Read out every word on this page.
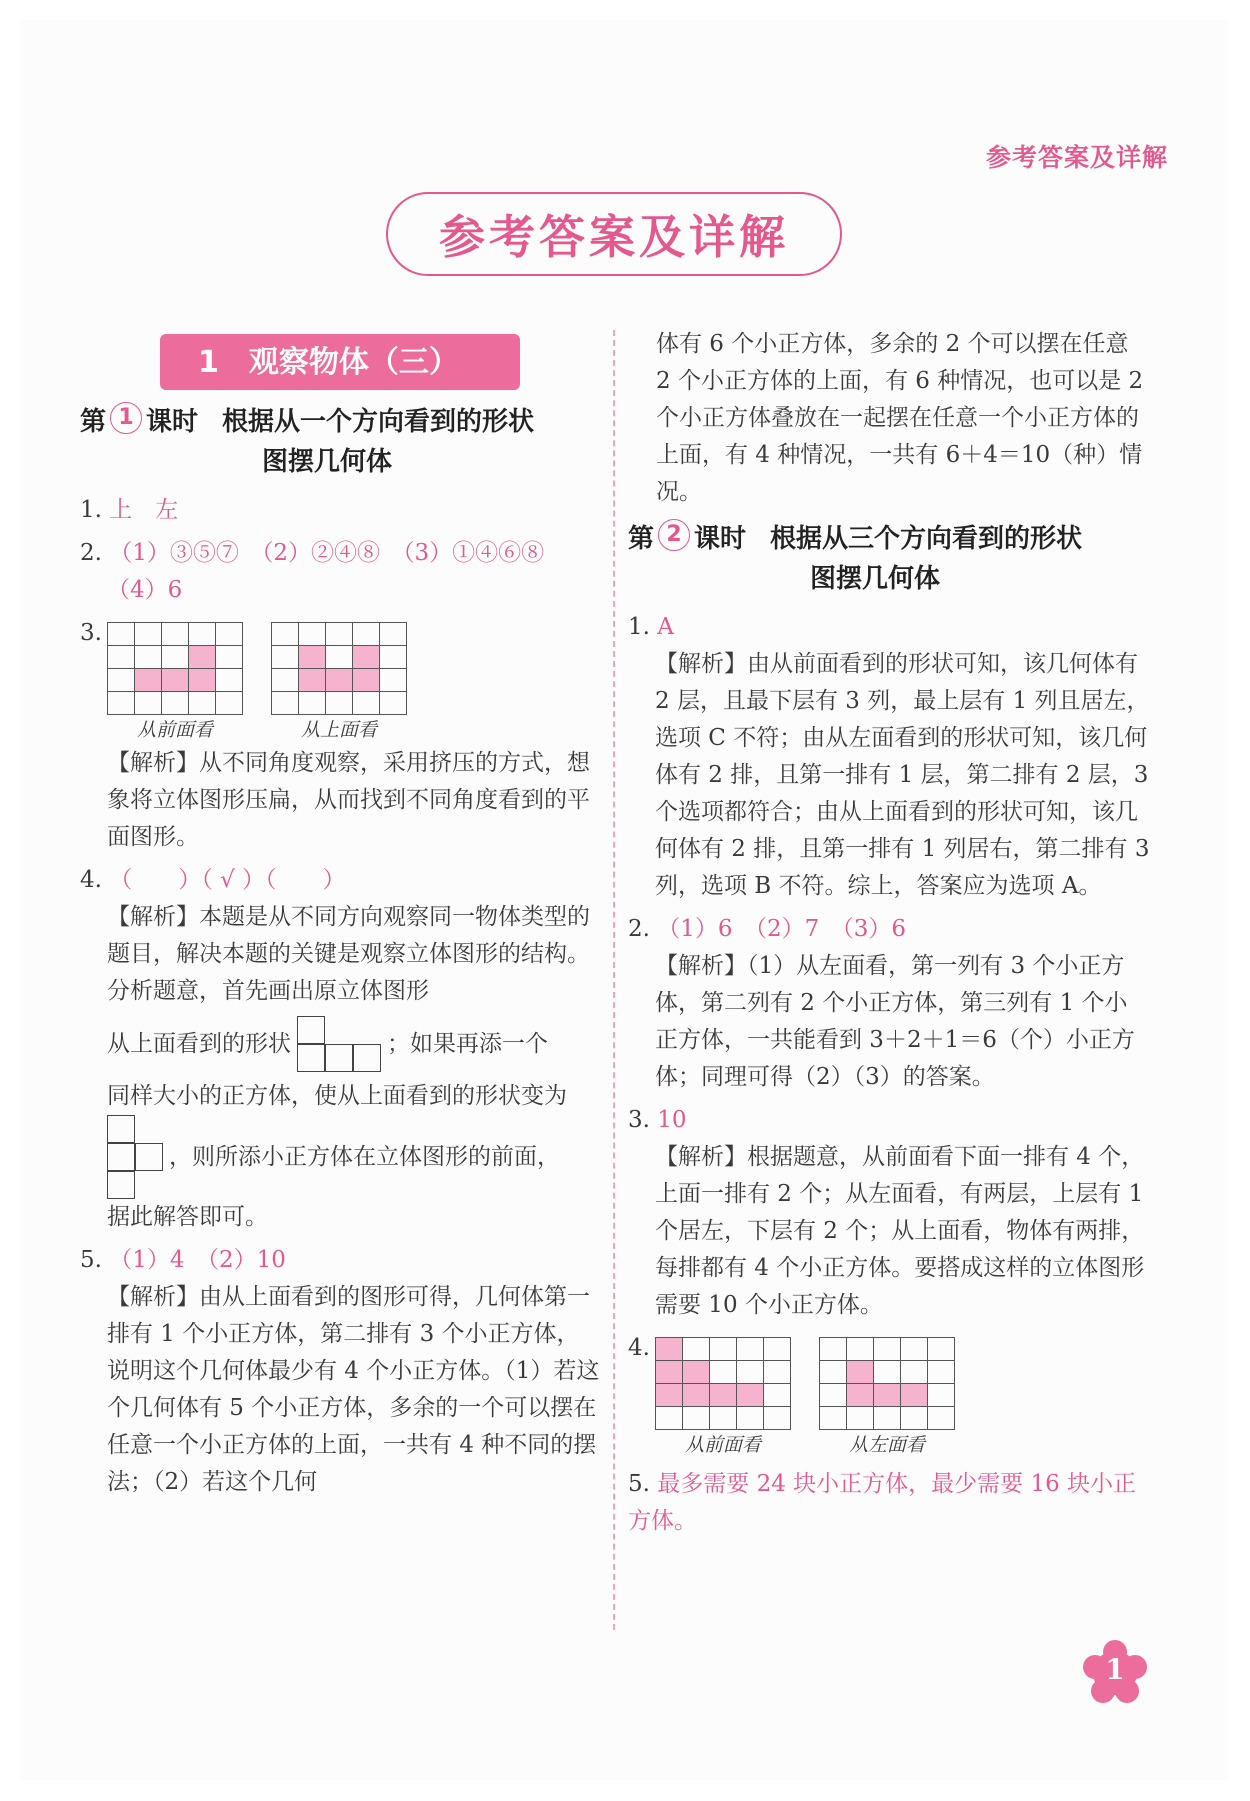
参考答案及详解
参考答案及详解
1 观察物体（三）
第 1 课时 根据从一个方向看到的形状
图摆几何体
1. 上　左
2. （1）③⑤⑦　（2）②④⑧　（3）①④⑥⑧
（4）6
3.
从前面看	从上面看
【解析】从不同角度观察，采用挤压的方式，想象将立体图形压扁，从而找到不同角度看到的平面图形。
4. （　　）（ √ ）（　　）
【解析】本题是从不同方向观察同一物体类型的题目，解决本题的关键是观察立体图形的结构。分析题意，首先画出原立体图形
从上面看到的形状	；如果再添一个
同样大小的正方体，使从上面看到的形状变为
，则所添小正方体在立体图形的前面，
据此解答即可。
5. （1）4　（2）10
【解析】由从上面看到的图形可得，几何体第一排有 1 个小正方体，第二排有 3 个小正方体，说明这个几何体最少有 4 个小正方体。（1）若这个几何体有 5 个小正方体，多余的一个可以摆在任意一个小正方体的上面，一共有 4 种不同的摆法；（2）若这个几何
体有 6 个小正方体，多余的 2 个可以摆在任意 2 个小正方体的上面，有 6 种情况，也可以是 2 个小正方体叠放在一起摆在任意一个小正方体的上面，有 4 种情况，一共有 6＋4＝10（种）情况。
第 2 课时 根据从三个方向看到的形状
图摆几何体
1. A
【解析】由从前面看到的形状可知，该几何体有 2 层，且最下层有 3 列，最上层有 1 列且居左，选项 C 不符；由从左面看到的形状可知，该几何体有 2 排，且第一排有 1 层，第二排有 2 层，3 个选项都符合；由从上面看到的形状可知，该几何体有 2 排，且第一排有 1 列居右，第二排有 3 列，选项 B 不符。综上，答案应为选项 A。
2. （1）6　（2）7　（3）6
【解析】（1）从左面看，第一列有 3 个小正方体，第二列有 2 个小正方体，第三列有 1 个小正方体，一共能看到 3＋2＋1＝6（个）小正方体；同理可得（2）（3）的答案。
3. 10
【解析】根据题意，从前面看下面一排有 4 个，上面一排有 2 个；从左面看，有两层，上层有 1 个居左，下层有 2 个；从上面看，物体有两排，每排都有 4 个小正方体。要搭成这样的立体图形需要 10 个小正方体。
4.
从前面看	从左面看
5. 最多需要 24 块小正方体，最少需要 16 块小正方体。
1
